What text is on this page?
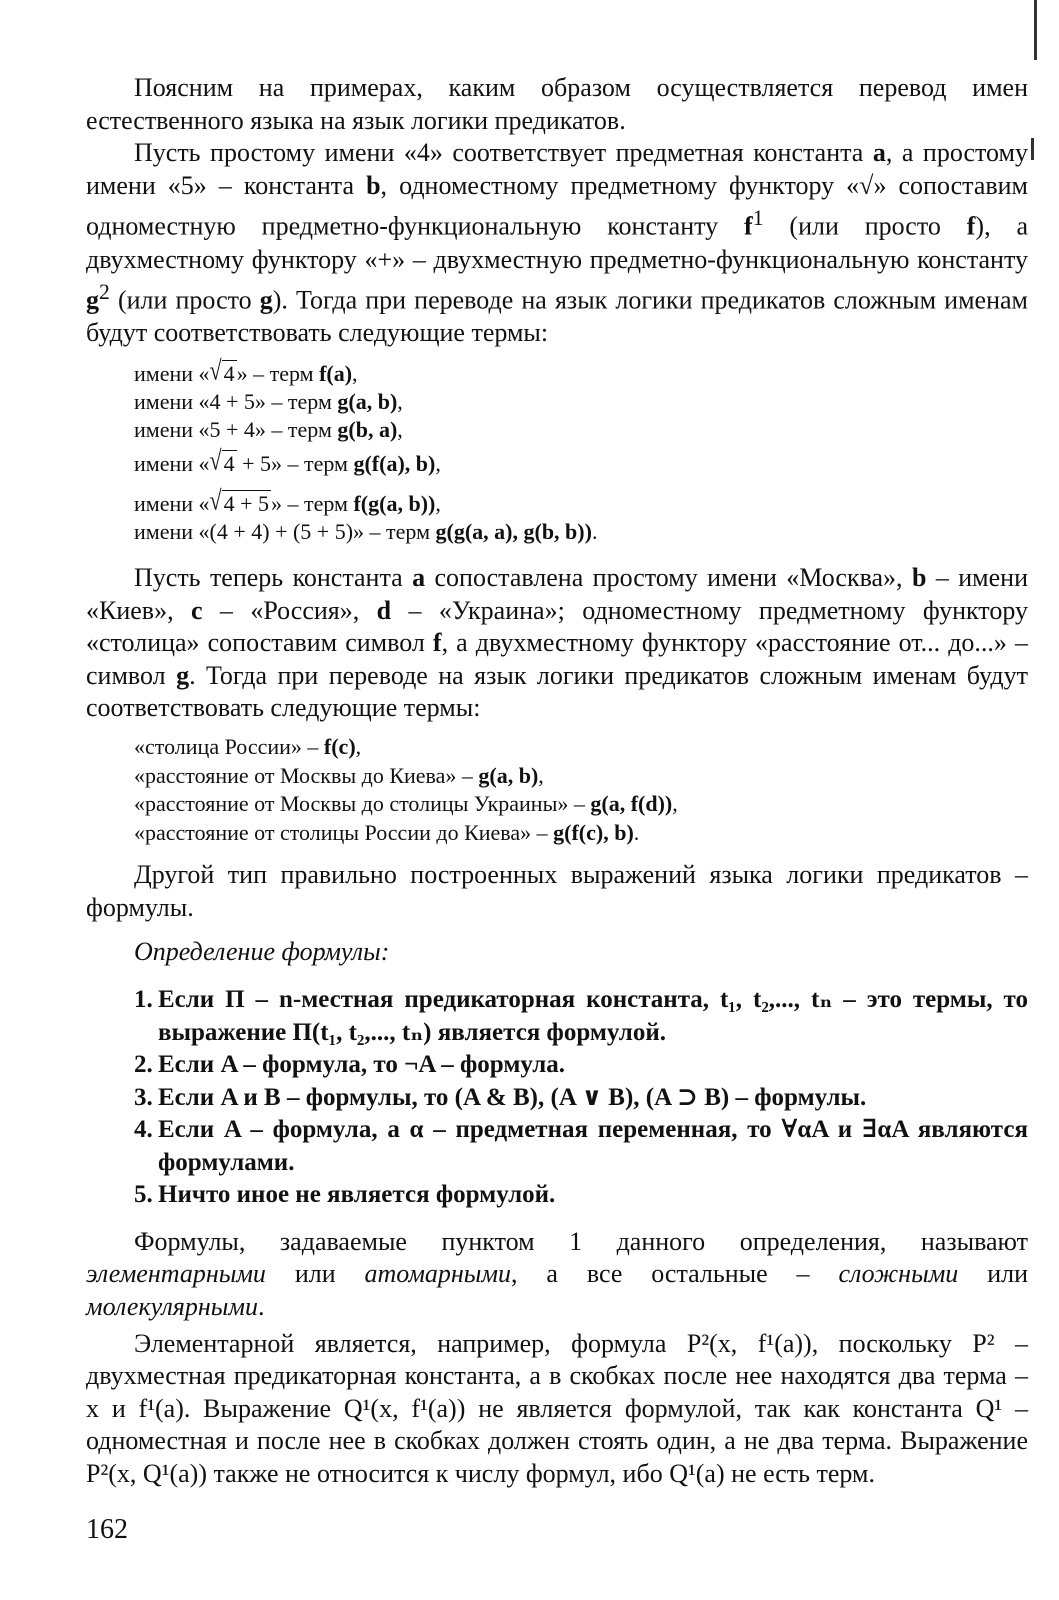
Поясним на примерах, каким образом осуществляется перевод имен естественного языка на язык логики предикатов.

Пусть простому имени «4» соответствует предметная константа a, а простому имени «5» – константа b, одноместному предметному функтору «√» сопоставим одноместную предметно-функциональную константу $f^1$ (или просто f), а двухместному функтору «+» – двухместную предметно-функциональную константу $g^2$ (или просто g). Тогда при переводе на язык логики предикатов сложным именам будут соответствовать следующие термы:

имени «√4» – терм f(a),
имени «4 + 5» – терм g(a, b),
имени «5 + 4» – терм g(b, a),
имени «√4 + 5» – терм g(f(a), b),
имени «√4 + 5» – терм f(g(a, b)),
имени «(4 + 4) + (5 + 5)» – терм g(g(a, a), g(b, b)).

Пусть теперь константа a сопоставлена простому имени «Москва», b – имени «Киев», c – «Россия», d – «Украина»; одноместному предметному функтору «столица» сопоставим символ f, а двухместному функтору «расстояние от... до...» – символ g. Тогда при переводе на язык логики предикатов сложным именам будут соответствовать следующие термы:

«столица России» – f(c),
«расстояние от Москвы до Киева» – g(a, b),
«расстояние от Москвы до столицы Украины» – g(a, f(d)),
«расстояние от столицы России до Киева» – g(f(c), b).

Другой тип правильно построенных выражений языка логики предикатов – формулы.

Определение формулы:
1. Если П – n-местная предикаторная константа, t₁, t₂,..., tₙ – это термы, то выражение П(t₁, t₂,..., tₙ) является формулой.
2. Если A – формула, то ¬A – формула.
3. Если A и B – формулы, то (A & B), (A ∨ B), (A ⊃ B) – формулы.
4. Если A – формула, а α – предметная переменная, то ∀αA и ∃αA являются формулами.
5. Ничто иное не является формулой.

Формулы, задаваемые пунктом 1 данного определения, называют элементарными или атомарными, а все остальные – сложными или молекулярными.

Элементарной является, например, формула P²(x, f¹(a)), поскольку P² – двухместная предикаторная константа, а в скобках после нее находятся два терма – x и f¹(a). Выражение Q¹(x, f¹(a)) не является формулой, так как константа Q¹ – одноместная и после нее в скобках должен стоять один, а не два терма. Выражение P²(x, Q¹(a)) также не относится к числу формул, ибо Q¹(a) не есть терм.

162
